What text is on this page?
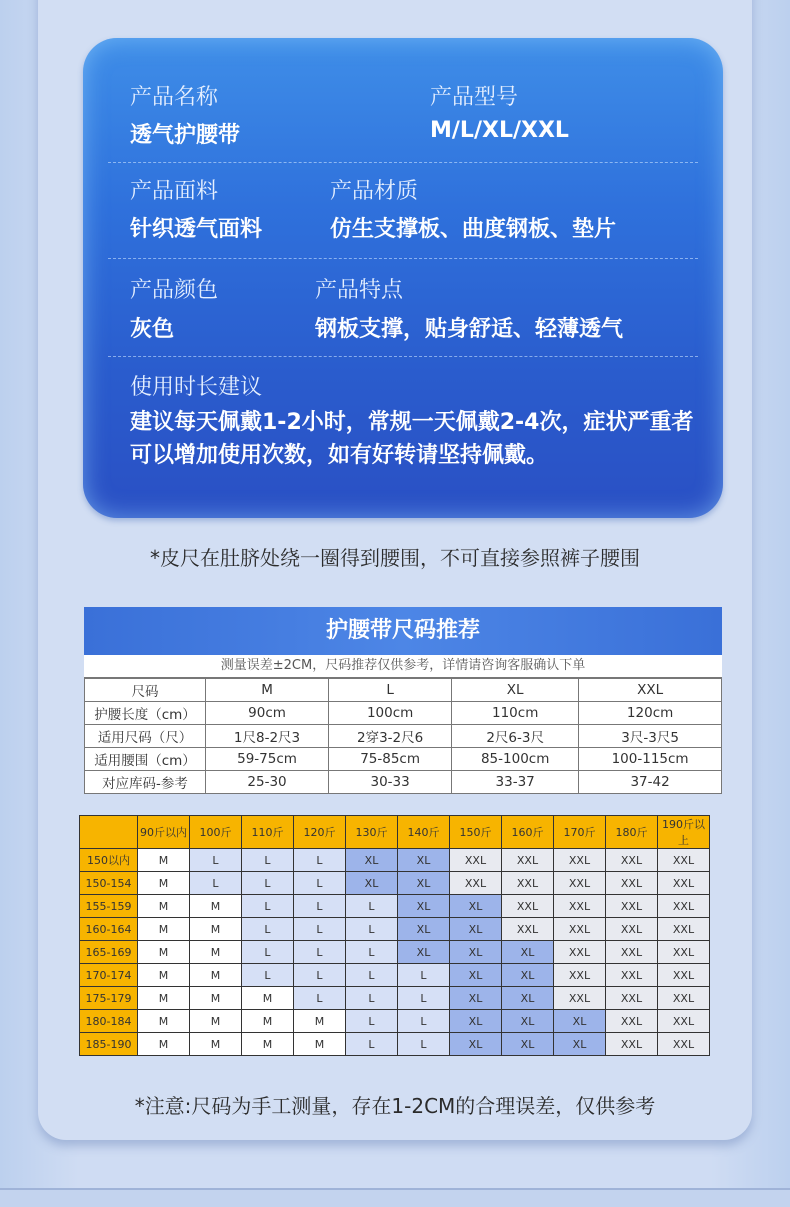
产品名称
透气护腰带
产品型号
M/L/XL/XXL
产品面料
针织透气面料
产品材质
仿生支撑板、曲度钢板、垫片
产品颜色
灰色
产品特点
钢板支撑，贴身舒适、轻薄透气
使用时长建议
建议每天佩戴1-2小时，常规一天佩戴2-4次，症状严重者可以增加使用次数，如有好转请坚持佩戴。
*皮尺在肚脐处绕一圈得到腰围，不可直接参照裤子腰围
护腰带尺码推荐
测量误差±2CM，尺码推荐仅供参考，详情请咨询客服确认下单
尺码	M	L	XL	XXL
护腰长度（cm）	90cm	100cm	110cm	120cm
适用尺码（尺）	1尺8-2尺3	2穿3-2尺6	2尺6-3尺	3尺-3尺5
适用腰围（cm）	59-75cm	75-85cm	85-100cm	100-115cm
对应库码-参考	25-30	30-33	33-37	37-42
	90斤以内	100斤	110斤	120斤	130斤	140斤	150斤	160斤	170斤	180斤	190斤以上
150以内	M	L	L	L	XL	XL	XXL	XXL	XXL	XXL	XXL
150-154	M	L	L	L	XL	XL	XXL	XXL	XXL	XXL	XXL
155-159	M	M	L	L	L	XL	XL	XXL	XXL	XXL	XXL
160-164	M	M	L	L	L	XL	XL	XXL	XXL	XXL	XXL
165-169	M	M	L	L	L	XL	XL	XL	XXL	XXL	XXL
170-174	M	M	L	L	L	L	XL	XL	XXL	XXL	XXL
175-179	M	M	M	L	L	L	XL	XL	XXL	XXL	XXL
180-184	M	M	M	M	L	L	XL	XL	XL	XXL	XXL
185-190	M	M	M	M	L	L	XL	XL	XL	XXL	XXL
*注意:尺码为手工测量，存在1-2CM的合理误差，仅供参考
